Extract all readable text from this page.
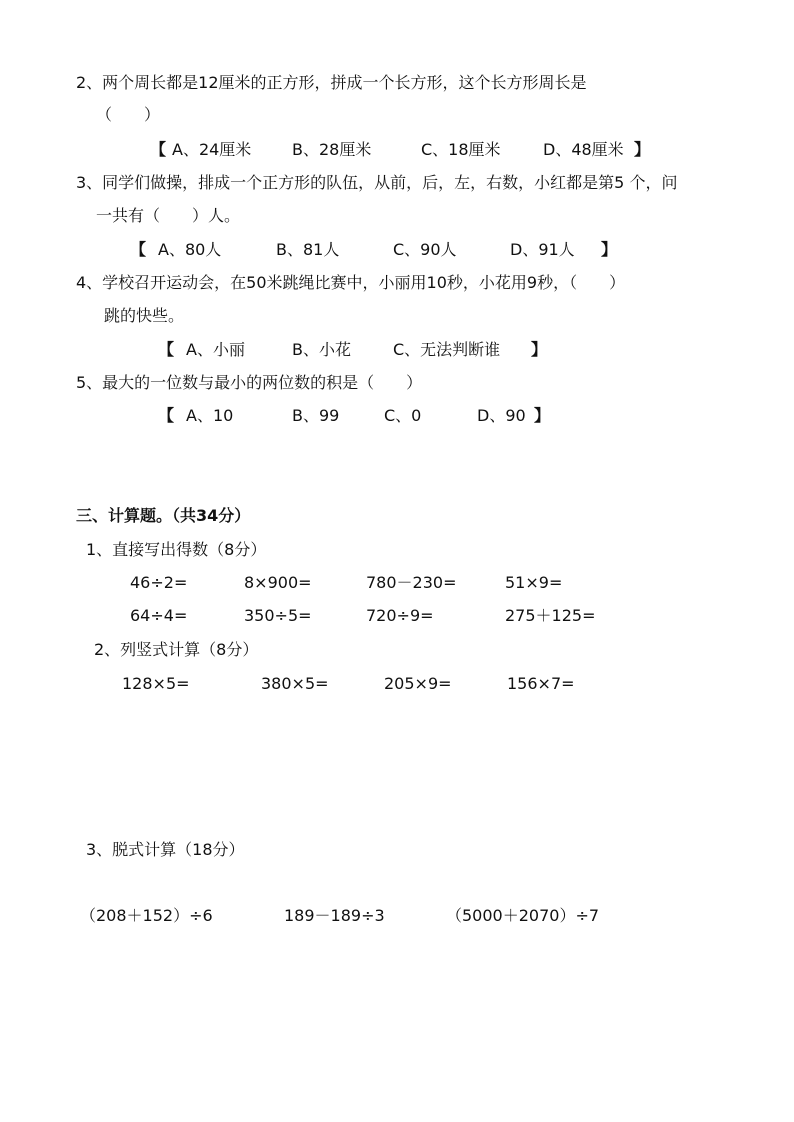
2、两个周长都是12厘米的正方形，拼成一个长方形，这个长方形周长是
（　　）
【 A、24厘米	B、28厘米	C、18厘米	D、48厘米 】
3、同学们做操，排成一个正方形的队伍，从前，后，左，右数，小红都是第5 个，问
一共有（　　）人。
【 A、80人	B、81人	C、90人	D、91人 】
4、学校召开运动会，在50米跳绳比赛中，小丽用10秒，小花用9秒，（　　）
跳的快些。
【 A、小丽	B、小花	C、无法判断谁 】
5、最大的一位数与最小的两位数的积是（　　）
【 A、10	B、99	C、0	D、90 】
三、计算题。（共34分）
1、直接写出得数（8分）
46÷2=	8×900=	780－230=	51×9=
64÷4=	350÷5=	720÷9=	275＋125=
2、列竖式计算（8分）
128×5=	380×5=	205×9=	156×7=
3、脱式计算（18分）
（208＋152）÷6	189－189÷3	（5000＋2070）÷7
